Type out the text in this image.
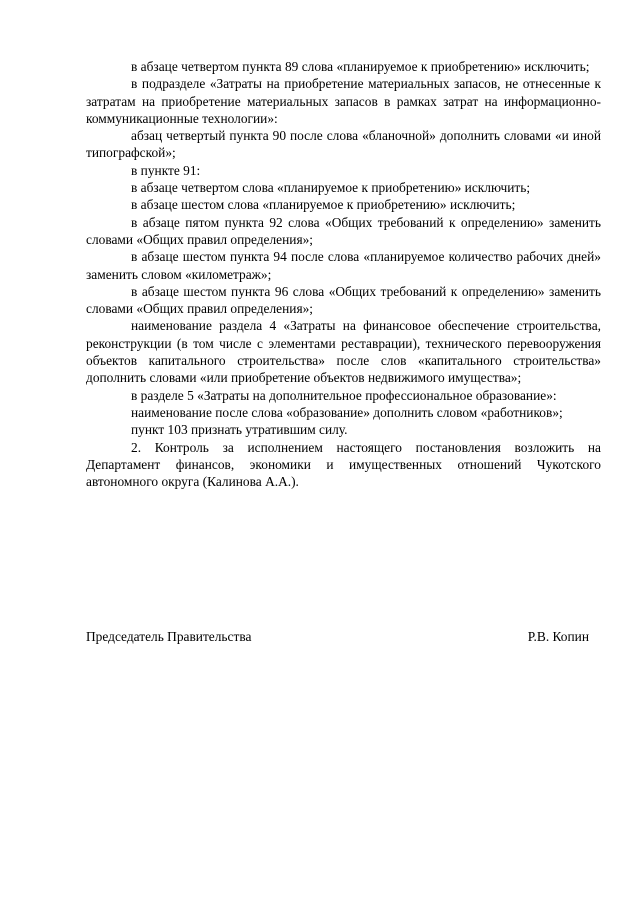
в абзаце четвертом пункта 89 слова «планируемое к приобретению» исключить;

в подразделе «Затраты на приобретение материальных запасов, не отнесенные к затратам на приобретение материальных запасов в рамках затрат на информационно-коммуникационные технологии»:

абзац четвертый пункта 90 после слова «бланочной» дополнить словами «и иной типографской»;

в пункте 91:

в абзаце четвертом слова «планируемое к приобретению» исключить;

в абзаце шестом слова «планируемое к приобретению» исключить;

в абзаце пятом пункта 92 слова «Общих требований к определению» заменить словами «Общих правил определения»;

в абзаце шестом пункта 94 после слова «планируемое количество рабочих дней» заменить словом «километраж»;

в абзаце шестом пункта 96 слова «Общих требований к определению» заменить словами «Общих правил определения»;

наименование раздела 4 «Затраты на финансовое обеспечение строительства, реконструкции (в том числе с элементами реставрации), технического перевооружения объектов капитального строительства» после слов «капитального строительства» дополнить словами «или приобретение объектов недвижимого имущества»;

в разделе 5 «Затраты на дополнительное профессиональное образование»:

наименование после слова «образование» дополнить словом «работников»;

пункт 103 признать утратившим силу.

2. Контроль за исполнением настоящего постановления возложить на Департамент финансов, экономики и имущественных отношений Чукотского автономного округа (Калинова А.А.).

Председатель Правительства	Р.В. Копин
